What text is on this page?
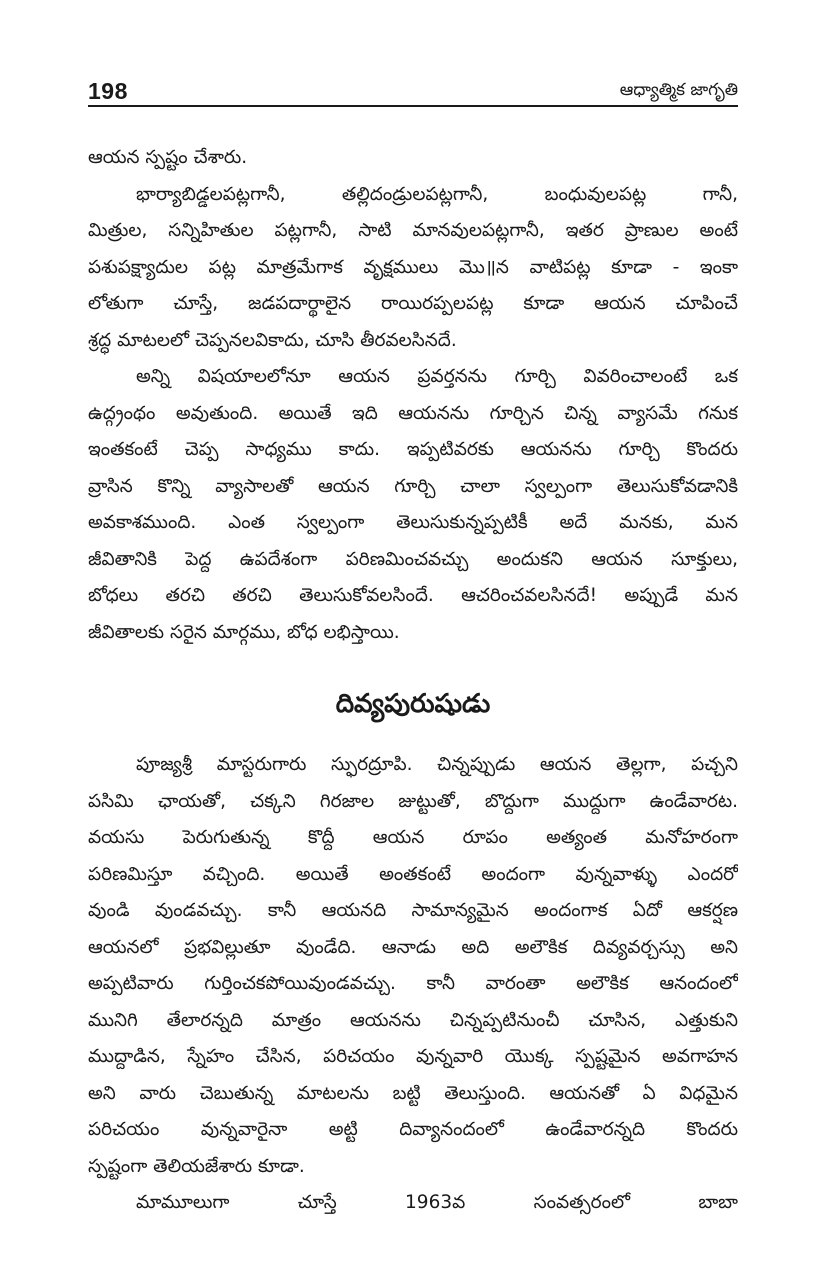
198	ఆధ్యాత్మిక జాగృతి
ఆయన స్పష్టం చేశారు.
భార్యాబిడ్డలపట్లగానీ, తల్లిదండ్రులపట్లగానీ, బంధువులపట్ల గానీ,
మిత్రుల, సన్నిహితుల పట్లగానీ, సాటి మానవులపట్లగానీ, ఇతర ప్రాణుల అంటే
పశుపక్ష్యాదుల పట్ల మాత్రమేగాక వృక్షములు మొ॥న వాటిపట్ల కూడా - ఇంకా
లోతుగా చూస్తే, జడపదార్థాలైన రాయిరప్పలపట్ల కూడా ఆయన చూపించే
శ్రద్ధ మాటలలో చెప్పనలవికాదు, చూసి తీరవలసినదే.
అన్ని విషయాలలోనూ ఆయన ప్రవర్తనను గూర్చి వివరించాలంటే ఒక
ఉద్గ్రంథం అవుతుంది. అయితే ఇది ఆయనను గూర్చిన చిన్న వ్యాసమే గనుక
ఇంతకంటే చెప్ప సాధ్యము కాదు. ఇప్పటివరకు ఆయనను గూర్చి కొందరు
వ్రాసిన కొన్ని వ్యాసాలతో ఆయన గూర్చి చాలా స్వల్పంగా తెలుసుకోవడానికి
అవకాశముంది. ఎంత స్వల్పంగా తెలుసుకున్నప్పటికీ అదే మనకు, మన
జీవితానికి పెద్ద ఉపదేశంగా పరిణమించవచ్చు అందుకని ఆయన సూక్తులు,
బోధలు తరచి తరచి తెలుసుకోవలసిందే. ఆచరించవలసినదే! అప్పుడే మన
జీవితాలకు సరైన మార్గము, బోధ లభిస్తాయి.
దివ్యపురుషుడు
పూజ్యశ్రీ మాస్టరుగారు స్ఫురద్రూపి. చిన్నప్పుడు ఆయన తెల్లగా, పచ్చని
పసిమి ఛాయతో, చక్కని గిరజాల జుట్టుతో, బొద్దుగా ముద్దుగా ఉండేవారట.
వయసు పెరుగుతున్న కొద్దీ ఆయన రూపం అత్యంత మనోహరంగా
పరిణమిస్తూ వచ్చింది. అయితే అంతకంటే అందంగా వున్నవాళ్ళు ఎందరో
వుండి వుండవచ్చు. కానీ ఆయనది సామాన్యమైన అందంగాక ఏదో ఆకర్షణ
ఆయనలో ప్రభవిల్లుతూ వుండేది. ఆనాడు అది అలౌకిక దివ్యవర్చస్సు అని
అప్పటివారు గుర్తించకపోయివుండవచ్చు. కానీ వారంతా అలౌకిక ఆనందంలో
మునిగి తేలారన్నది మాత్రం ఆయనను చిన్నప్పటినుంచీ చూసిన, ఎత్తుకుని
ముద్దాడిన, స్నేహం చేసిన, పరిచయం వున్నవారి యొక్క స్పష్టమైన అవగాహన
అని వారు చెబుతున్న మాటలను బట్టి తెలుస్తుంది. ఆయనతో ఏ విధమైన
పరిచయం వున్నవారైనా అట్టి దివ్యానందంలో ఉండేవారన్నది కొందరు
స్పష్టంగా తెలియజేశారు కూడా.
మామూలుగా చూస్తే 1963వ సంవత్సరంలో బాబా
